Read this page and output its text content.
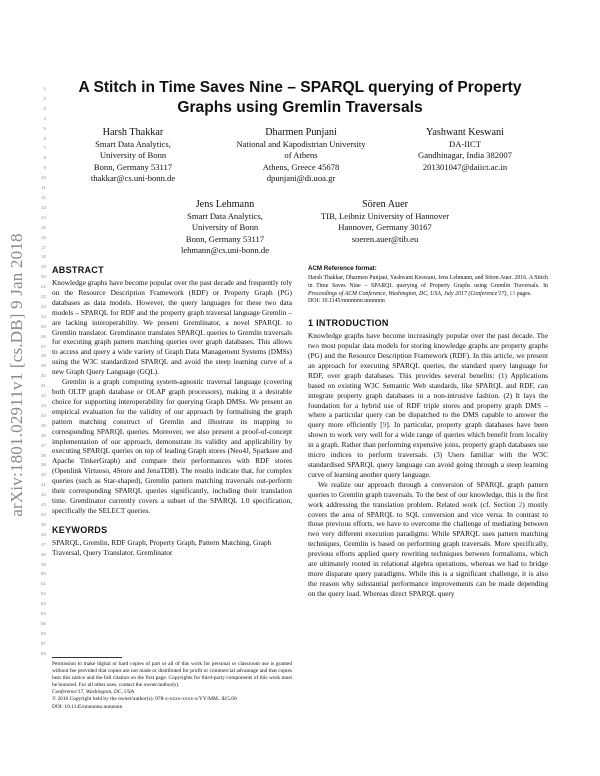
arXiv:1801.02911v1 [cs.DB] 9 Jan 2018
1
2
3
4
5
6
7
8
9
10
11
12
13
14
15
16
17
18
19
20
21
22
23
24
25
26
27
28
29
30
31
32
33
34
35
36
37
38
39
40
41
42
43
44
45
46
47
48
49
50
51
52
53
54
55
56
57
58
A Stitch in Time Saves Nine – SPARQL querying of Property
Graphs using Gremlin Traversals
Harsh Thakkar
Smart Data Analytics,
University of Bonn
Bonn, Germany 53117
thakkar@cs.uni-bonn.de
Dharmen Punjani
National and Kapodistrian University
of Athens
Athens, Greece 45678
dpunjani@di.uoa.gr
Yashwant Keswani
DA-IICT
Gandhinagar, India 382007
201301047@daiict.ac.in
Jens Lehmann
Smart Data Analytics,
University of Bonn
Bonn, Germany 53117
lehmann@cs.uni-bonn.de
Sören Auer
TIB, Leibniz University of Hannover
Hannover, Germany 30167
soeren.auer@tib.eu
ABSTRACT

Knowledge graphs have become popular over the past decade and frequently rely on the Resource Description Framework (RDF) or Property Graph (PG) databases as data models. However, the query languages for these two data models – SPARQL for RDF and the property graph traversal language Gremlin – are lacking interoperability. We present Gremlinator, a novel SPARQL to Gremlin translator. Gremlinator translates SPARQL queries to Gremlin traversals for executing graph pattern matching queries over graph databases. This allows to access and query a wide variety of Graph Data Management Systems (DMSs) using the W3C standardized SPARQL and avoid the steep learning curve of a new Graph Query Language (GQL).

Gremlin is a graph computing system-agnostic traversal language (covering both OLTP graph database or OLAP graph processors), making it a desirable choice for supporting interoperability for querying Graph DMSs. We present an empirical evaluation for the validity of our approach by formalising the graph pattern matching construct of Gremlin and illustrate its mapping to corresponding SPARQL queries. Moreover, we also present a proof-of-concept implementation of our approach, demonstrate its validity and applicability by executing SPARQL queries on top of leading Graph stores (Neo4J, Sparksee and Apache TinkerGraph) and compare their performances with RDF stores (Openlink Virtuoso, 4Store and JenaTDB). The results indicate that, for complex queries (such as Star-shaped), Gremlin pattern matching traversals out-perform their corresponding SPARQL queries significantly, including their translation time. Gremlinator currently covers a subset of the SPARQL 1.0 specification, specifically the SELECT queries.

KEYWORDS
SPARQL, Gremlin, RDF Graph, Property Graph, Pattern Matching, Graph Traversal, Query Translator, Gremlinator

Permission to make digital or hard copies of part or all of this work for personal or classroom use is granted without fee provided that copies are not made or distributed for profit or commercial advantage and that copies bear this notice and the full citation on the first page. Copyrights for third-party components of this work must be honored. For all other uses, contact the owner/author(s).

Conference'17, Washington, DC, USA

© 2016 Copyright held by the owner/author(s). 978-x-xxxx-xxxx-x/YY/MM...$15.00

DOI: 10.1145/nnnnnnn.nnnnnnn

ACM Reference format:
Harsh Thakkar, Dharmen Punjani, Yashwant Keswani, Jens Lehmann, and Sören Auer. 2016. A Stitch in Time Saves Nine – SPARQL querying of Property Graphs using Gremlin Traversals. In Proceedings of ACM Conference, Washington, DC, USA, July 2017 (Conference'17), 13 pages.
DOI: 10.1145/nnnnnnn.nnnnnnn
1 INTRODUCTION

Knowledge graphs have become increasingly popular over the past decade. The two most popular data models for storing knowledge graphs are property graphs (PG) and the Resource Description Framework (RDF). In this article, we present an approach for executing SPARQL queries, the standard query language for RDF, over graph databases. This provides several benefits: (1) Applications based on existing W3C Semantic Web standards, like SPARQL and RDF, can integrate property graph databases in a non-intrusive fashion. (2) It lays the foundation for a hybrid use of RDF triple stores and property graph DMS – where a particular query can be dispatched to the DMS capable to answer the query more efficiently [9]. In particular, property graph databases have been shown to work very well for a wide range of queries which benefit from locality in a graph. Rather than performing expensive joins, property graph databases use micro indices to perform traversals. (3) Users familiar with the W3C standardised SPARQL query language can avoid going through a steep learning curve of learning another query language.

We realize our approach through a conversion of SPARQL graph pattern queries to Gremlin graph traversals. To the best of our knowledge, this is the first work addressing the translation problem. Related work (cf. Section 2) mostly covers the area of SPARQL to SQL conversion and vice versa. In contrast to those previous efforts, we have to overcome the challenge of mediating between two very different execution paradigms: While SPARQL uses pattern matching techniques, Gremlin is based on performing graph traversals. More specifically, previous efforts applied query rewriting techniques between formalisms, which are ultimately rooted in relational algebra operations, whereas we had to bridge more disparate query paradigms. While this is a significant challenge, it is also the reason why substantial performance improvements can be made depending on the query load. Whereas direct SPARQL query
